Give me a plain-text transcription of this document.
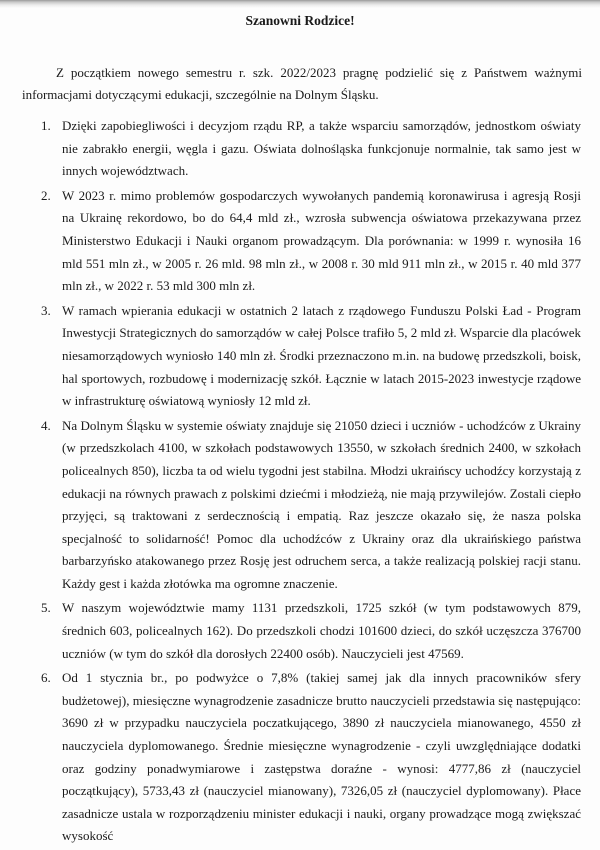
Szanowni Rodzice!

Z początkiem nowego semestru r. szk. 2022/2023 pragnę podzielić się z Państwem ważnymi informacjami dotyczącymi edukacji, szczególnie na Dolnym Śląsku.

1. Dzięki zapobiegliwości i decyzjom rządu RP, a także wsparciu samorządów, jednostkom oświaty nie zabrakło energii, węgla i gazu. Oświata dolnośląska funkcjonuje normalnie, tak samo jest w innych województwach.
2. W 2023 r. mimo problemów gospodarczych wywołanych pandemią koronawirusa i agresją Rosji na Ukrainę rekordowo, bo do 64,4 mld zł., wzrosła subwencja oświatowa przekazywana przez Ministerstwo Edukacji i Nauki organom prowadzącym. Dla porównania: w 1999 r. wynosiła 16 mld 551 mln zł., w 2005 r. 26 mld. 98 mln zł., w 2008 r. 30 mld 911 mln zł., w 2015 r. 40 mld 377 mln zł., w 2022 r. 53 mld 300 mln zł.
3. W ramach wpierania edukacji w ostatnich 2 latach z rządowego Funduszu Polski Ład - Program Inwestycji Strategicznych do samorządów w całej Polsce trafiło 5, 2 mld zł. Wsparcie dla placówek niesamorządowych wyniosło 140 mln zł. Środki przeznaczono m.in. na budowę przedszkoli, boisk, hal sportowych, rozbudowę i modernizację szkół. Łącznie w latach 2015-2023 inwestycje rządowe w infrastrukturę oświatową wyniosły 12 mld zł.
4. Na Dolnym Śląsku w systemie oświaty znajduje się 21050 dzieci i uczniów - uchodźców z Ukrainy (w przedszkolach 4100, w szkołach podstawowych 13550, w szkołach średnich 2400, w szkołach policealnych 850), liczba ta od wielu tygodni jest stabilna. Młodzi ukraińscy uchodźcy korzystają z edukacji na równych prawach z polskimi dziećmi i młodzieżą, nie mają przywilejów. Zostali ciepło przyjęci, są traktowani z serdecznością i empatią. Raz jeszcze okazało się, że nasza polska specjalność to solidarność! Pomoc dla uchodźców z Ukrainy oraz dla ukraińskiego państwa barbarzyńsko atakowanego przez Rosję jest odruchem serca, a także realizacją polskiej racji stanu. Każdy gest i każda złotówka ma ogromne znaczenie.
5. W naszym województwie mamy 1131 przedszkoli, 1725 szkół (w tym podstawowych 879, średnich 603, policealnych 162). Do przedszkoli chodzi 101600 dzieci, do szkół uczęszcza 376700 uczniów (w tym do szkół dla dorosłych 22400 osób). Nauczycieli jest 47569.
6. Od 1 stycznia br., po podwyżce o 7,8% (takiej samej jak dla innych pracowników sfery budżetowej), miesięczne wynagrodzenie zasadnicze brutto nauczycieli przedstawia się następująco: 3690 zł w przypadku nauczyciela poczatkującego, 3890 zł nauczyciela mianowanego, 4550 zł nauczyciela dyplomowanego. Średnie miesięczne wynagrodzenie - czyli uwzględniające dodatki oraz godziny ponadwymiarowe i zastępstwa doraźne - wynosi: 4777,86 zł (nauczyciel początkujący), 5733,43 zł (nauczyciel mianowany), 7326,05 zł (nauczyciel dyplomowany). Płace zasadnicze ustala w rozporządzeniu minister edukacji i nauki, organy prowadzące mogą zwiększać wysokość
